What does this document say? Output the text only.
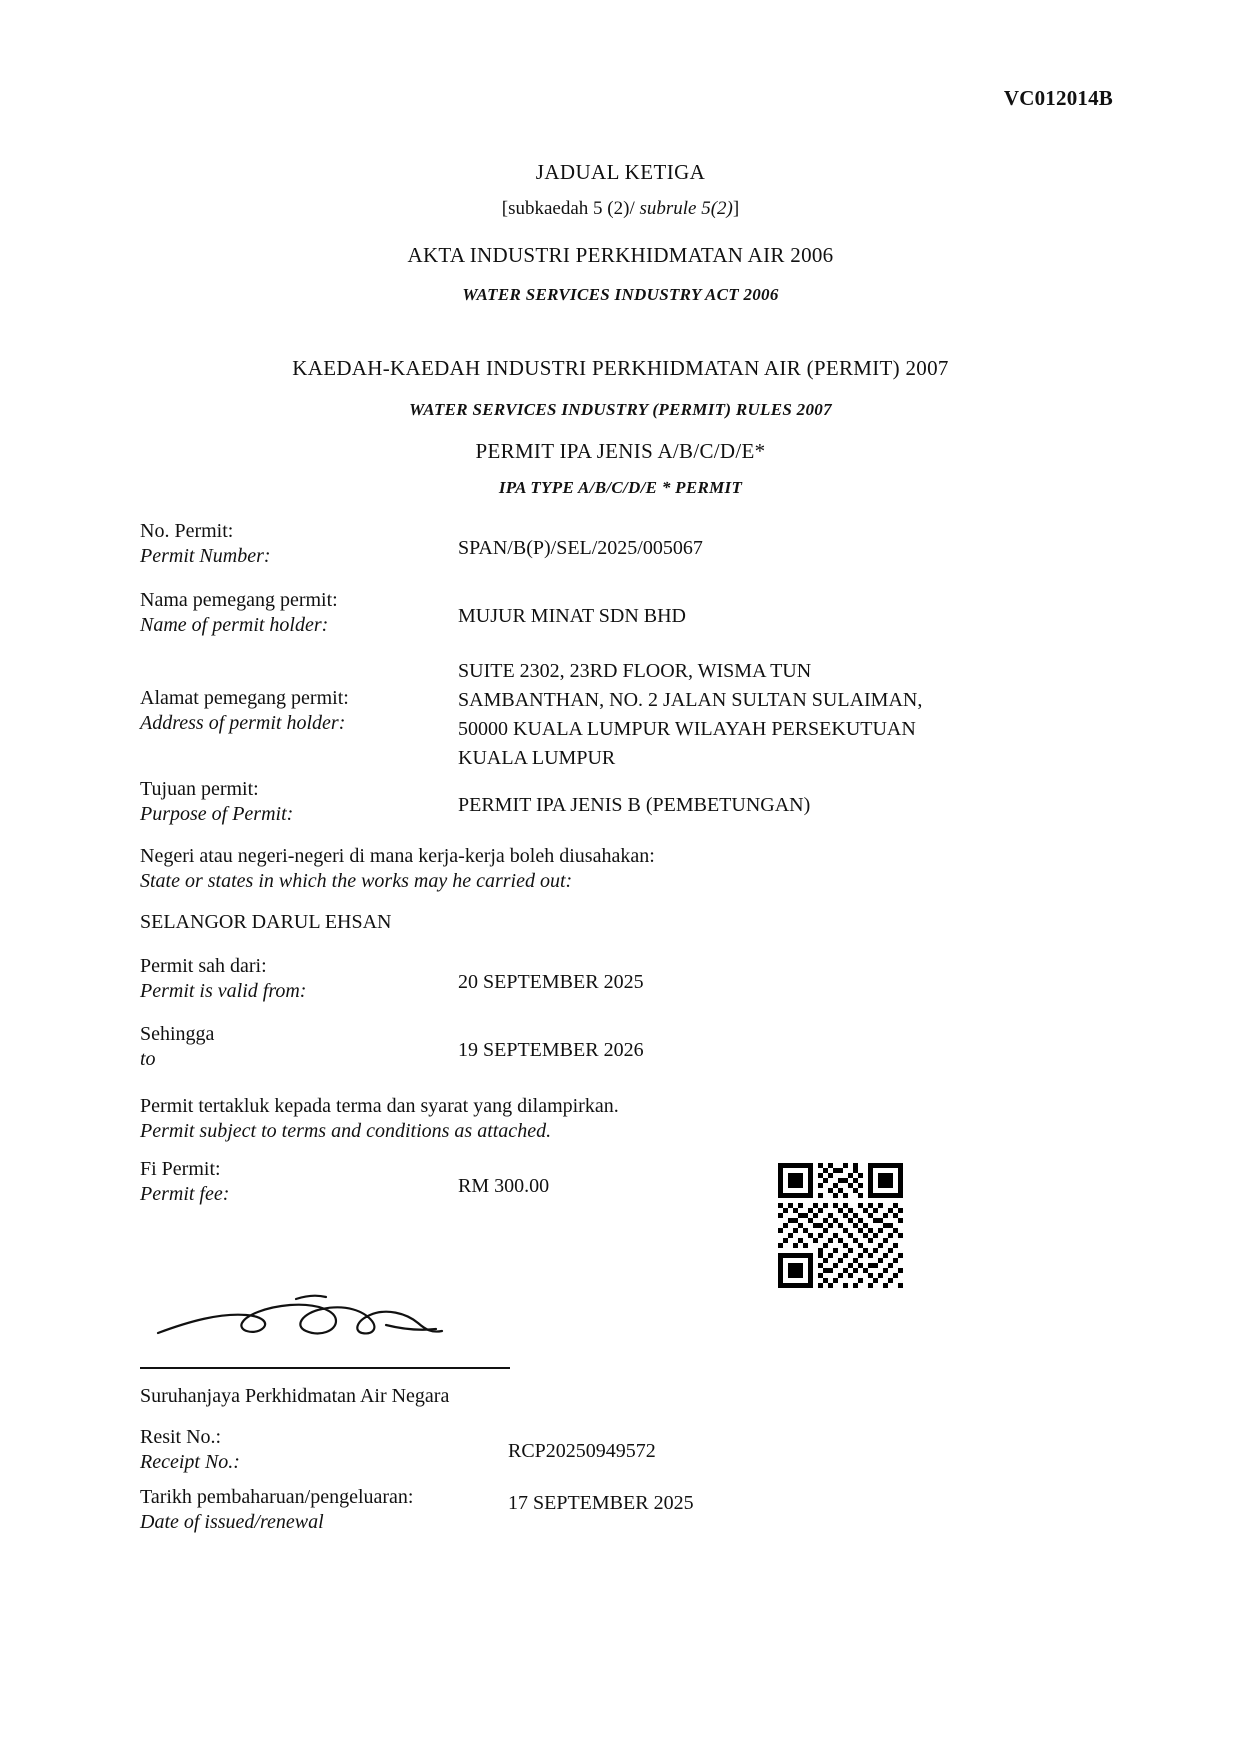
VC012014B
JADUAL KETIGA
[subkaedah 5 (2)/ subrule 5(2)]
AKTA INDUSTRI PERKHIDMATAN AIR 2006
WATER SERVICES INDUSTRY ACT 2006
KAEDAH-KAEDAH INDUSTRI PERKHIDMATAN AIR (PERMIT) 2007
WATER SERVICES INDUSTRY (PERMIT) RULES 2007
PERMIT IPA JENIS A/B/C/D/E*
IPA TYPE A/B/C/D/E * PERMIT
No. Permit:
Permit Number:	SPAN/B(P)/SEL/2025/005067
Nama pemegang permit:
Name of permit holder:	MUJUR MINAT SDN BHD
Alamat pemegang permit:
Address of permit holder:
SUITE 2302, 23RD FLOOR, WISMA TUN
SAMBANTHAN, NO. 2 JALAN SULTAN SULAIMAN,
50000 KUALA LUMPUR WILAYAH PERSEKUTUAN
KUALA LUMPUR
Tujuan permit:
Purpose of Permit:	PERMIT IPA JENIS B (PEMBETUNGAN)
Negeri atau negeri-negeri di mana kerja-kerja boleh diusahakan:
State or states in which the works may he carried out:
SELANGOR DARUL EHSAN
Permit sah dari:
Permit is valid from:	20 SEPTEMBER 2025
Sehingga
to	19 SEPTEMBER 2026
Permit tertakluk kepada terma dan syarat yang dilampirkan.
Permit subject to terms and conditions as attached.
Fi Permit:
Permit fee:	RM 300.00
Suruhanjaya Perkhidmatan Air Negara
Resit No.:
Receipt No.:	RCP20250949572
Tarikh pembaharuan/pengeluaran:
Date of issued/renewal
17 SEPTEMBER 2025
